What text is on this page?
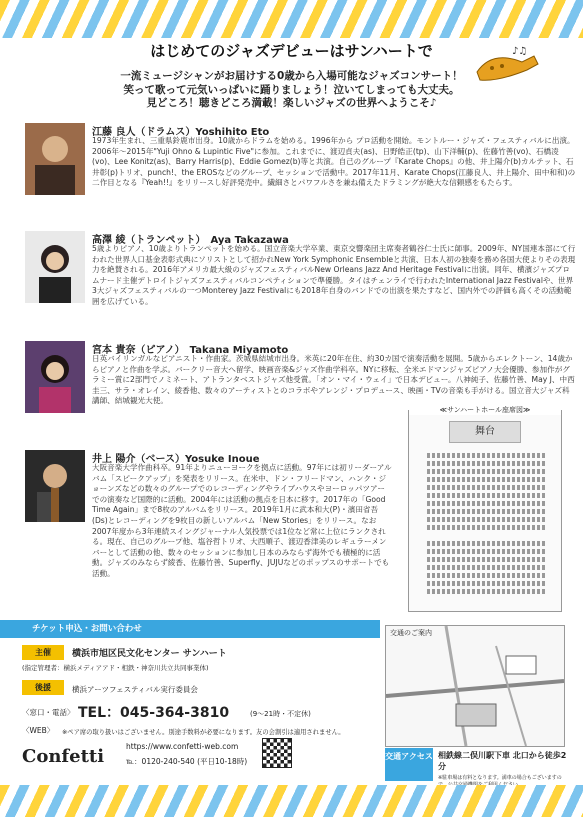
はじめてのジャズデビューはサンハートで	♪♫
一流ミュージシャンがお届けする0歳から入場可能なジャズコンサート！
笑って歌って元気いっぱいに踊りましょう！泣いてしまっても大丈夫。
見どころ！聴きどころ満載！楽しいジャズの世界へようこそ♪
江藤 良人（ドラムス）Yoshihito Eto
1973年生まれ、三重県鈴鹿市出身。10歳からドラムを始める。1996年から プロ活動を開始。モントルー・ジャズ・フェスティバルに出演。2006年～2015年"Yuji Ohno & Lupintic Five"に参加。これまでに、渡辺貞夫(as)、日野皓正(tp)、山下洋輔(p)、佐藤竹善(vo)、石橋凌(vo)、Lee Konitz(as)、Barry Harris(p)、Eddie Gomez(b)等と共演。自己のグループ『Karate Chops』の他、井上陽介(b)カルテット、石井彰(p)トリオ、punch!、the EROSなどのグループ、セッションで活動中。2017年11月、Karate Chops(江藤良人、井上陽介、田中和和)の二作目となる『Yeah!!』をリリースし好評発売中。繊細さとパワフルさを兼ね備えたドラミングが絶大な信頼感をもたらす。
高澤 綾（トランペット）　Aya Takazawa
5歳よりピアノ、10歳よりトランペットを始める。国立音楽大学卒業、東京交響楽団主席奏者鶴谷仁士氏に師事。2009年、NY国連本部にて行われた世界人口基金表彰式典にソリストとして招かれNew York Symphonic Ensembleと共演、日本人初の独奏を務め各国大使よりその表現力を絶賛される。2016年アメリカ最大級のジャズフェスティバルNew Orleans Jazz And Heritage Festivalに出演。同年、横濱ジャズプロムナード主催デトロイトジャズフェスティバルコンペティションで準優勝。タイはチェンライで行われたInternational Jazz Festivalや、世界3大ジャズフェスティバルの一つMonterey Jazz Festivalにも2018年自身のバンドでの出演を果たすなど、国内外での評価も高くその活動範囲を広げている。
宮本 貴奈（ピアノ）　Takana Miyamoto
日英バイリンガルなピアニスト・作曲家。茨城県結城市出身。米英に20年在住、約30カ国で演奏活動を展開。5歳からエレクトーン、14歳からピアノと作曲を学ぶ。バークリー音大へ留学、映画音楽&ジャズ作曲学科卒。NYに移転、全米エドマンジャズピアノ大会優勝、参加作がグラミー賞に2部門でノミネート、アトランタベストジャズ他受賞。「オン・マイ・ウェイ」で日本デビュー。八神純子、佐藤竹善、May J、中西圭三、サラ・オレイン、綾香他、数々のアーティストとのコラボやアレンジ・プロデュース、映画・TVの音楽も手がける。国立音大ジャズ科講師、結城観光大使。
井上 陽介（ベース）Yosuke Inoue
大阪音楽大学作曲科卒。91年よりニューヨークを拠点に活動。97年には初リーダーアルバム「スピークアップ」を発表をリリース。在米中、ドン・フリードマン、ハンク・ジョーンズなどの数々のグループでのレコーディングやライブハウスやヨーロッパツアーでの演奏など国際的に活動。2004年には活動の拠点を日本に移す。2017年の「Good Time Again」まで8枚のアルバムをリリース。2019年1月に武本和大(P)・濱田省吾(Ds)とレコーディングを9枚目の新しいアルバム「New Stories」をリリース。なお2007年度から3年連続スイングジャーナル人気投票では1位など常に上位にランクされる。現在、自己のグループ他、塩谷哲トリオ、大西順子、渡辺香津美のレギュラーメンバーとして活動の他、数々のセッションに参加し日本のみならず海外でも積極的に活動。ジャズのみならず綾香、佐藤竹善、Superfly、JUJUなどのポップスのサポートでも活動。
≪サンハートホール座席図≫
舞台
チケット申込・お問い合わせ
主催	横浜市旭区民文化センター サンハート
(指定管理者：横浜メディアアド・相鉄・神奈川共立共同事業体)
後援	横浜アーツフェスティバル実行委員会
〈窓口・電話〉 TEL：045-364-3810	(9～21時・不定休)
〈WEB〉 ※ペア席の取り扱いはございません。別途手数料が必要になります。友の会割引は適用されません。
Confetti	https://www.confetti-web.com
℡：0120-240-540 (平日10-18時)
交通のご案内
交通アクセス 相鉄線二俣川駅下車 北口から徒歩2分
※駐車場は有料となります。満車の場合もございますの
